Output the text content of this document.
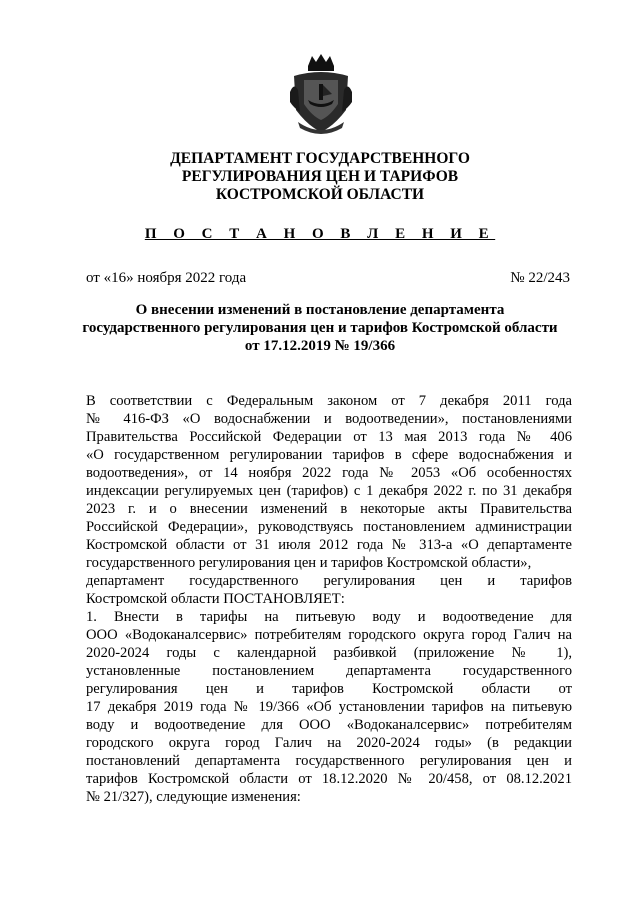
ДЕПАРТАМЕНТ ГОСУДАРСТВЕННОГО
РЕГУЛИРОВАНИЯ ЦЕН И ТАРИФОВ
КОСТРОМСКОЙ ОБЛАСТИ
П О С Т А Н О В Л Е Н И Е
от «16» ноября 2022 года	№ 22/243
О внесении изменений в постановление департамента
государственного регулирования цен и тарифов Костромской области
от 17.12.2019 № 19/366
В соответствии с Федеральным законом от 7 декабря 2011 года
№ 416-ФЗ «О водоснабжении и водоотведении», постановлениями
Правительства Российской Федерации от 13 мая 2013 года № 406
«О государственном регулировании тарифов в сфере водоснабжения и
водоотведения», от 14 ноября 2022 года № 2053 «Об особенностях
индексации регулируемых цен (тарифов) с 1 декабря 2022 г. по 31 декабря
2023 г. и о внесении изменений в некоторые акты Правительства
Российской Федерации», руководствуясь постановлением администрации
Костромской области от 31 июля 2012 года № 313-а «О департаменте
государственного регулирования цен и тарифов Костромской области»,
департамент государственного регулирования цен и тарифов
Костромской области ПОСТАНОВЛЯЕТ:
1. Внести в тарифы на питьевую воду и водоотведение для
ООО «Водоканалсервис» потребителям городского округа город Галич на
2020-2024 годы с календарной разбивкой (приложение № 1),
установленные постановлением департамента государственного
регулирования цен и тарифов Костромской области от
17 декабря 2019 года № 19/366 «Об установлении тарифов на питьевую
воду и водоотведение для ООО «Водоканалсервис» потребителям
городского округа город Галич на 2020-2024 годы» (в редакции
постановлений департамента государственного регулирования цен и
тарифов Костромской области от 18.12.2020 № 20/458, от 08.12.2021
№ 21/327), следующие изменения:
